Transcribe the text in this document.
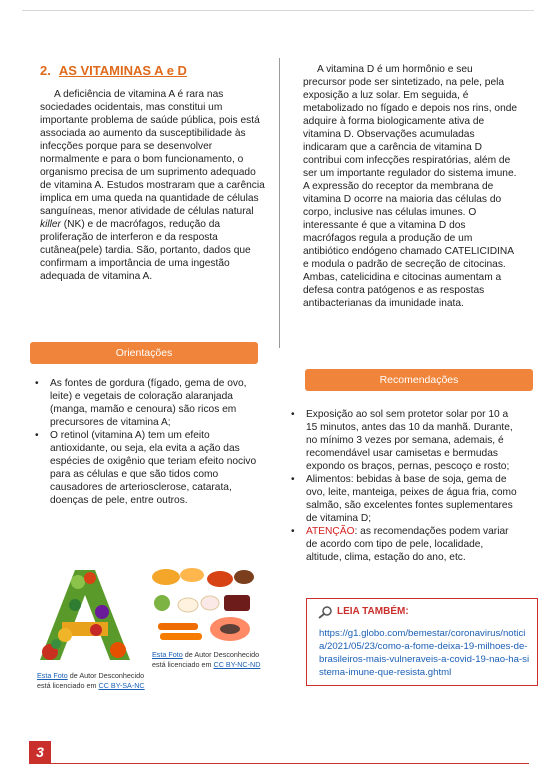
2. AS VITAMINAS A e D

A deficiência de vitamina A é rara nas sociedades ocidentais, mas constitui um importante problema de saúde pública, pois está associada ao aumento da susceptibilidade às infecções porque para se desenvolver normalmente e para o bom funcionamento, o organismo precisa de um suprimento adequado de vitamina A. Estudos mostraram que a carência implica em uma queda na quantidade de células sanguíneas, menor atividade de células natural killer (NK) e de macrófagos, redução da proliferação de interferon e da resposta cutânea(pele) tardia. São, portanto, dados que confirmam a importância de uma ingestão adequada de vitamina A.

Orientações
• As fontes de gordura (fígado, gema de ovo, leite) e vegetais de coloração alaranjada (manga, mamão e cenoura) são ricos em precursores de vitamina A;
• O retinol (vitamina A) tem um efeito antioxidante, ou seja, ela evita a ação das espécies de oxigênio que teriam efeito nocivo para as células e que são tidos como causadores de arteriosclerose, catarata, doenças de pele, entre outros.
Esta Foto de Autor Desconhecido está licenciado em CC BY-SA-NC
Esta Foto de Autor Desconhecido está licenciado em CC BY-NC-ND

A vitamina D é um hormônio e seu precursor pode ser sintetizado, na pele, pela exposição a luz solar. Em seguida, é metabolizado no fígado e depois nos rins, onde adquire à forma biologicamente ativa de vitamina D. Observações acumuladas indicaram que a carência de vitamina D contribui com infecções respiratórias, além de ser um importante regulador do sistema imune. A expressão do receptor da membrana de vitamina D ocorre na maioria das células do corpo, inclusive nas células imunes. O interessante é que a vitamina D dos macrófagos regula a produção de um antibiótico endógeno chamado CATELICIDINA e modula o padrão de secreção de citocinas. Ambas, catelicidina e citocinas aumentam a defesa contra patógenos e as respostas antibacterianas da imunidade inata.

Recomendações
• Exposição ao sol sem protetor solar por 10 a 15 minutos, antes das 10 da manhã. Durante, no mínimo 3 vezes por semana, ademais, é recomendável usar camisetas e bermudas expondo os braços, pernas, pescoço e rosto;
• Alimentos: bebidas à base de soja, gema de ovo, leite, manteiga, peixes de água fria, como salmão, são excelentes fontes suplementares de vitamina D;
• ATENÇÃO: as recomendações podem variar de acordo com tipo de pele, localidade, altitude, clima, estação do ano, etc.
LEIA TAMBÉM:
https://g1.globo.com/bemestar/coronavirus/noticia/2021/05/23/como-a-fome-deixa-19-milhoes-de-brasileiros-mais-vulneraveis-a-covid-19-nao-ha-sistema-imune-que-resista.ghtml
3
